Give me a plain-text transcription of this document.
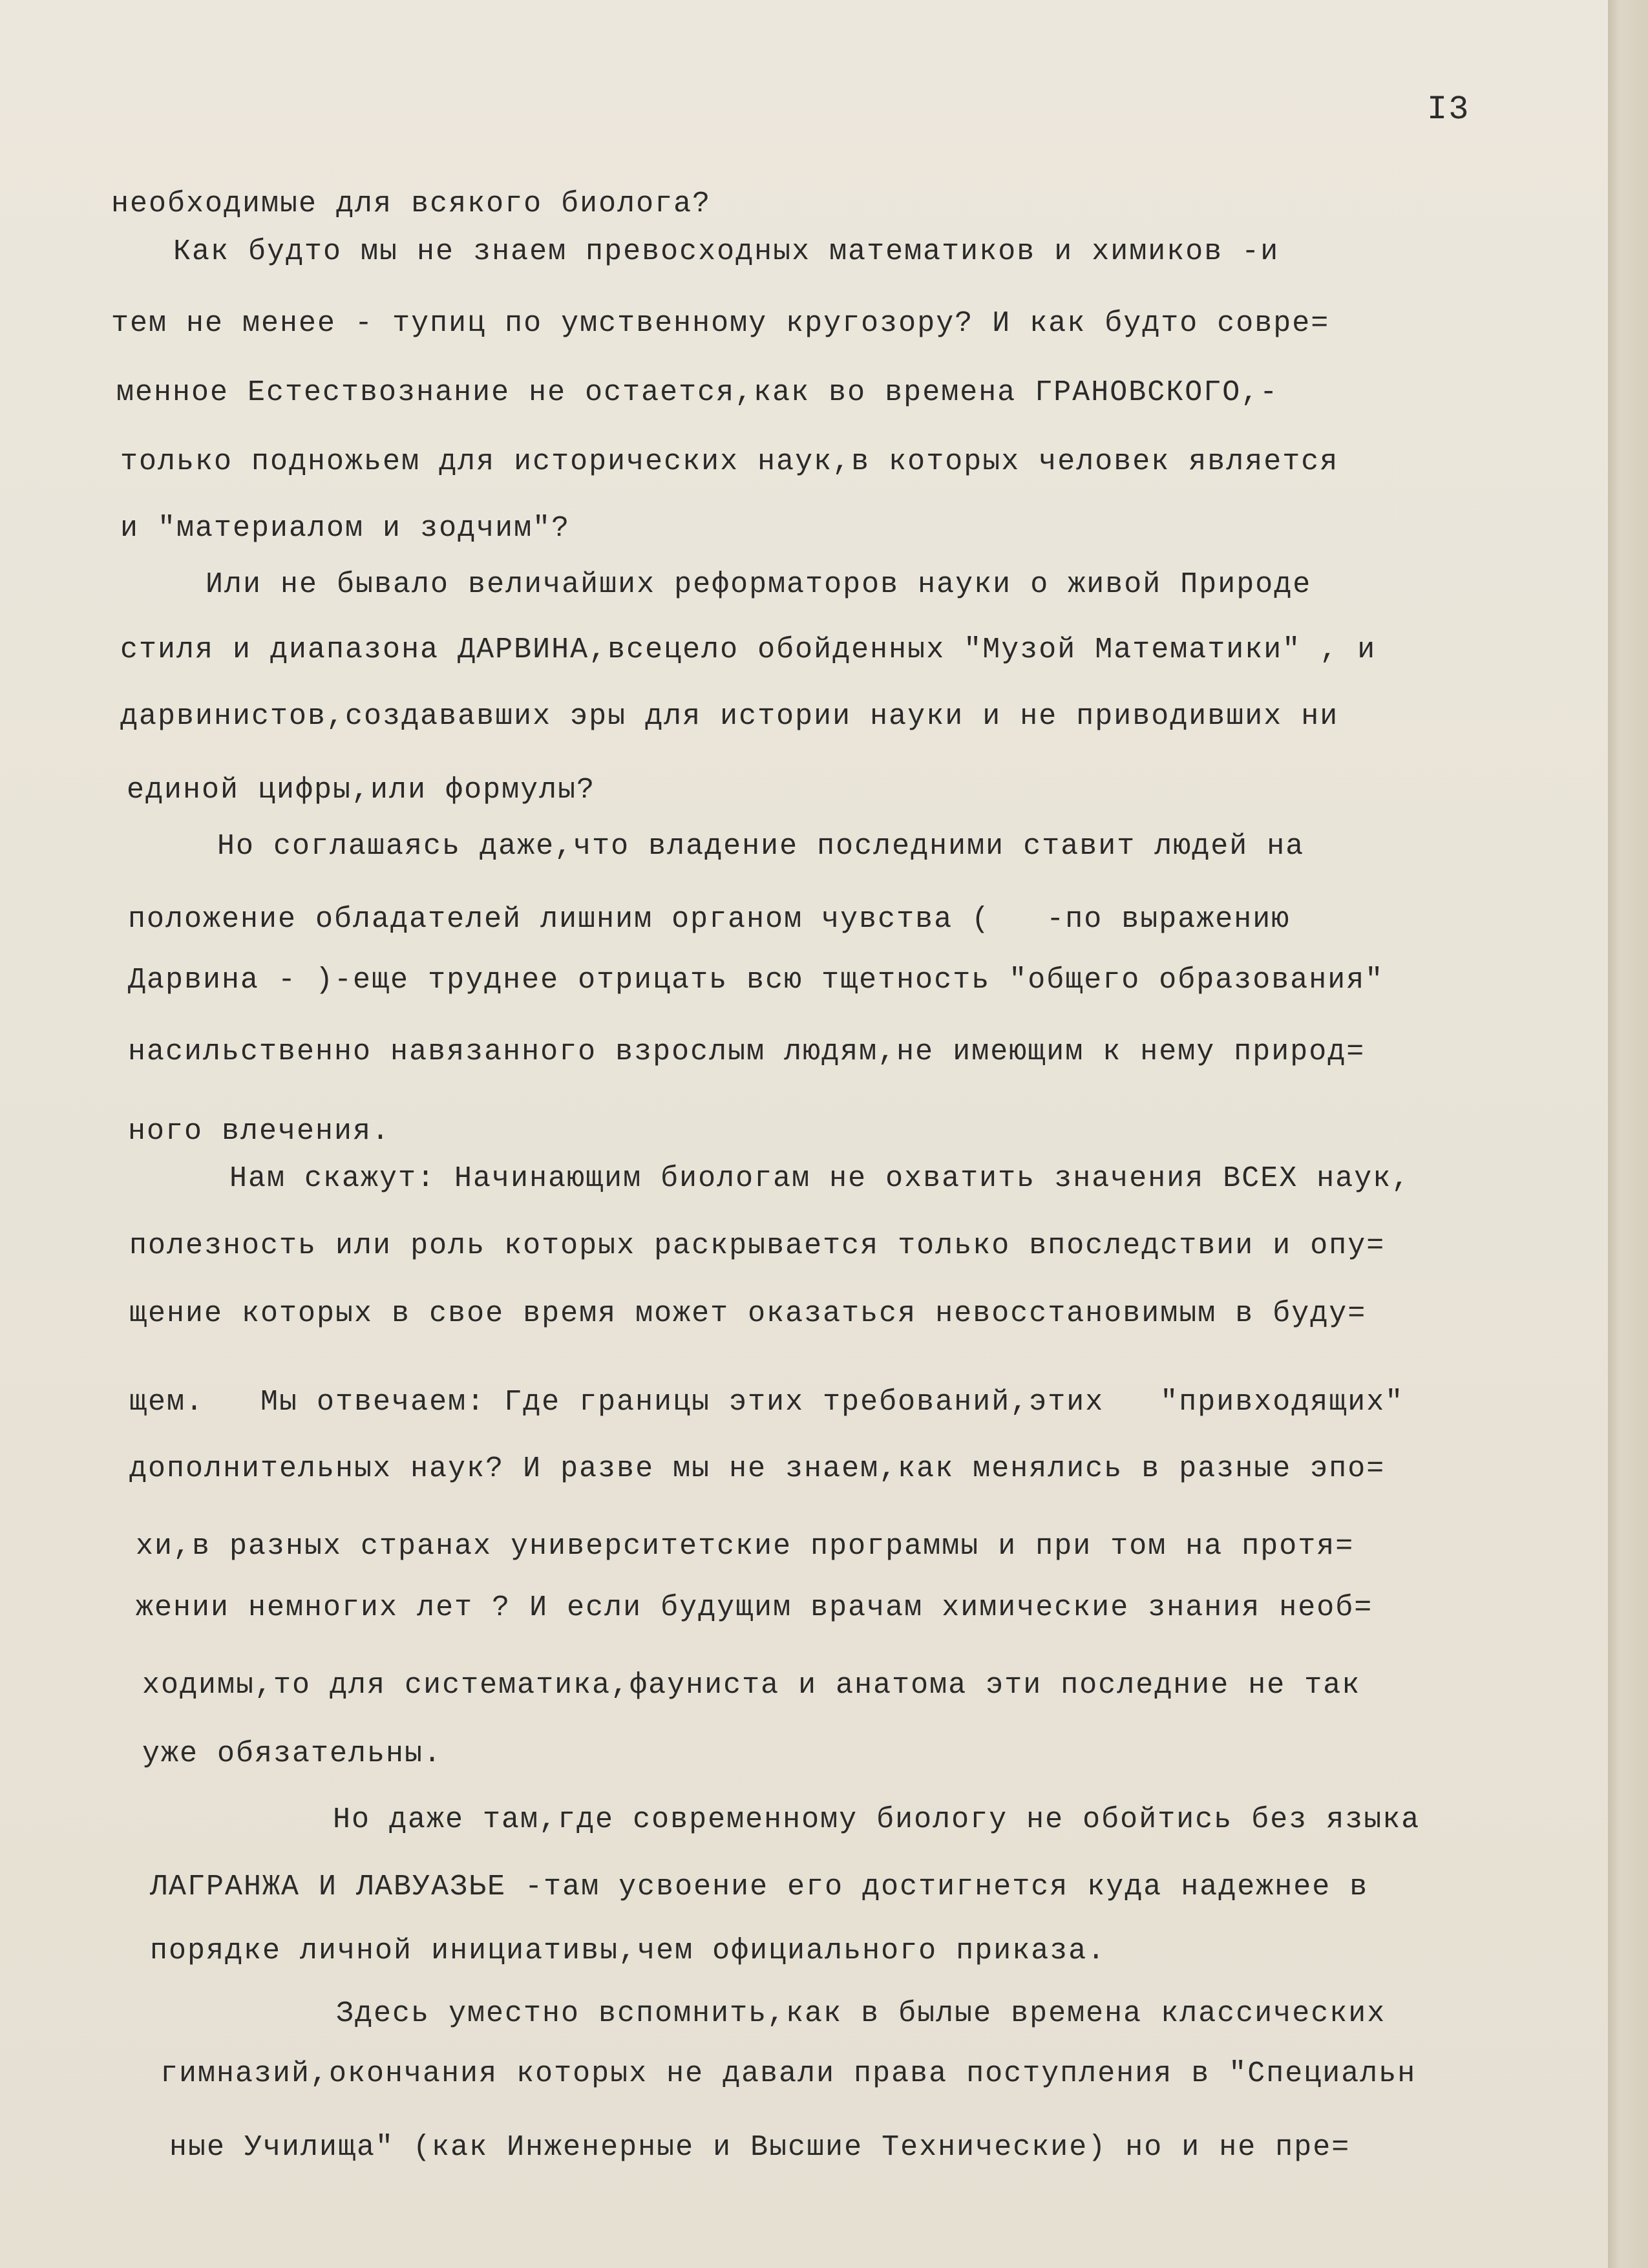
I3
необходимые для всякого биолога?
Как будто мы не знаем превосходных математиков и химиков -и
тем не менее - тупиц по умственному кругозору? И как будто совре=
менное Естествознание не остается,как во времена ГРАНОВСКОГО,-
только подножьем для исторических наук,в которых человек является
и "материалом и зодчим"?
Или не бывало величайших реформаторов науки о живой Природе
стиля и диапазона ДАРВИНА,всецело обойденных "Музой Математики" , и
дарвинистов,создававших эры для истории науки и не приводивших ни
единой цифры,или формулы?
Но соглашаясь даже,что владение последними ставит людей на
положение обладателей лишним органом чувства (   -по выражению
Дарвина - )-еще труднее отрицать всю тщетность "общего образования"
насильственно навязанного взрослым людям,не имеющим к нему природ=
ного влечения.
Нам скажут: Начинающим биологам не охватить значения ВСЕХ наук,
полезность или роль которых раскрывается только впоследствии и опу=
щение которых в свое время может оказаться невосстановимым в буду=
щем.   Мы отвечаем: Где границы этих требований,этих   "привходящих"
дополнительных наук? И разве мы не знаем,как менялись в разные эпо=
хи,в разных странах университетские программы и при том на протя=
жении немногих лет ? И если будущим врачам химические знания необ=
ходимы,то для систематика,фауниста и анатома эти последние не так
уже обязательны.
Но даже там,где современному биологу не обойтись без языка
ЛАГРАНЖА И ЛАВУАЗЬЕ -там усвоение его достигнется куда надежнее в
порядке личной инициативы,чем официального приказа.
Здесь уместно вспомнить,как в былые времена классических
гимназий,окончания которых не давали права поступления в "Специальн
ные Училища" (как Инженерные и Высшие Технические) но и не пре=
